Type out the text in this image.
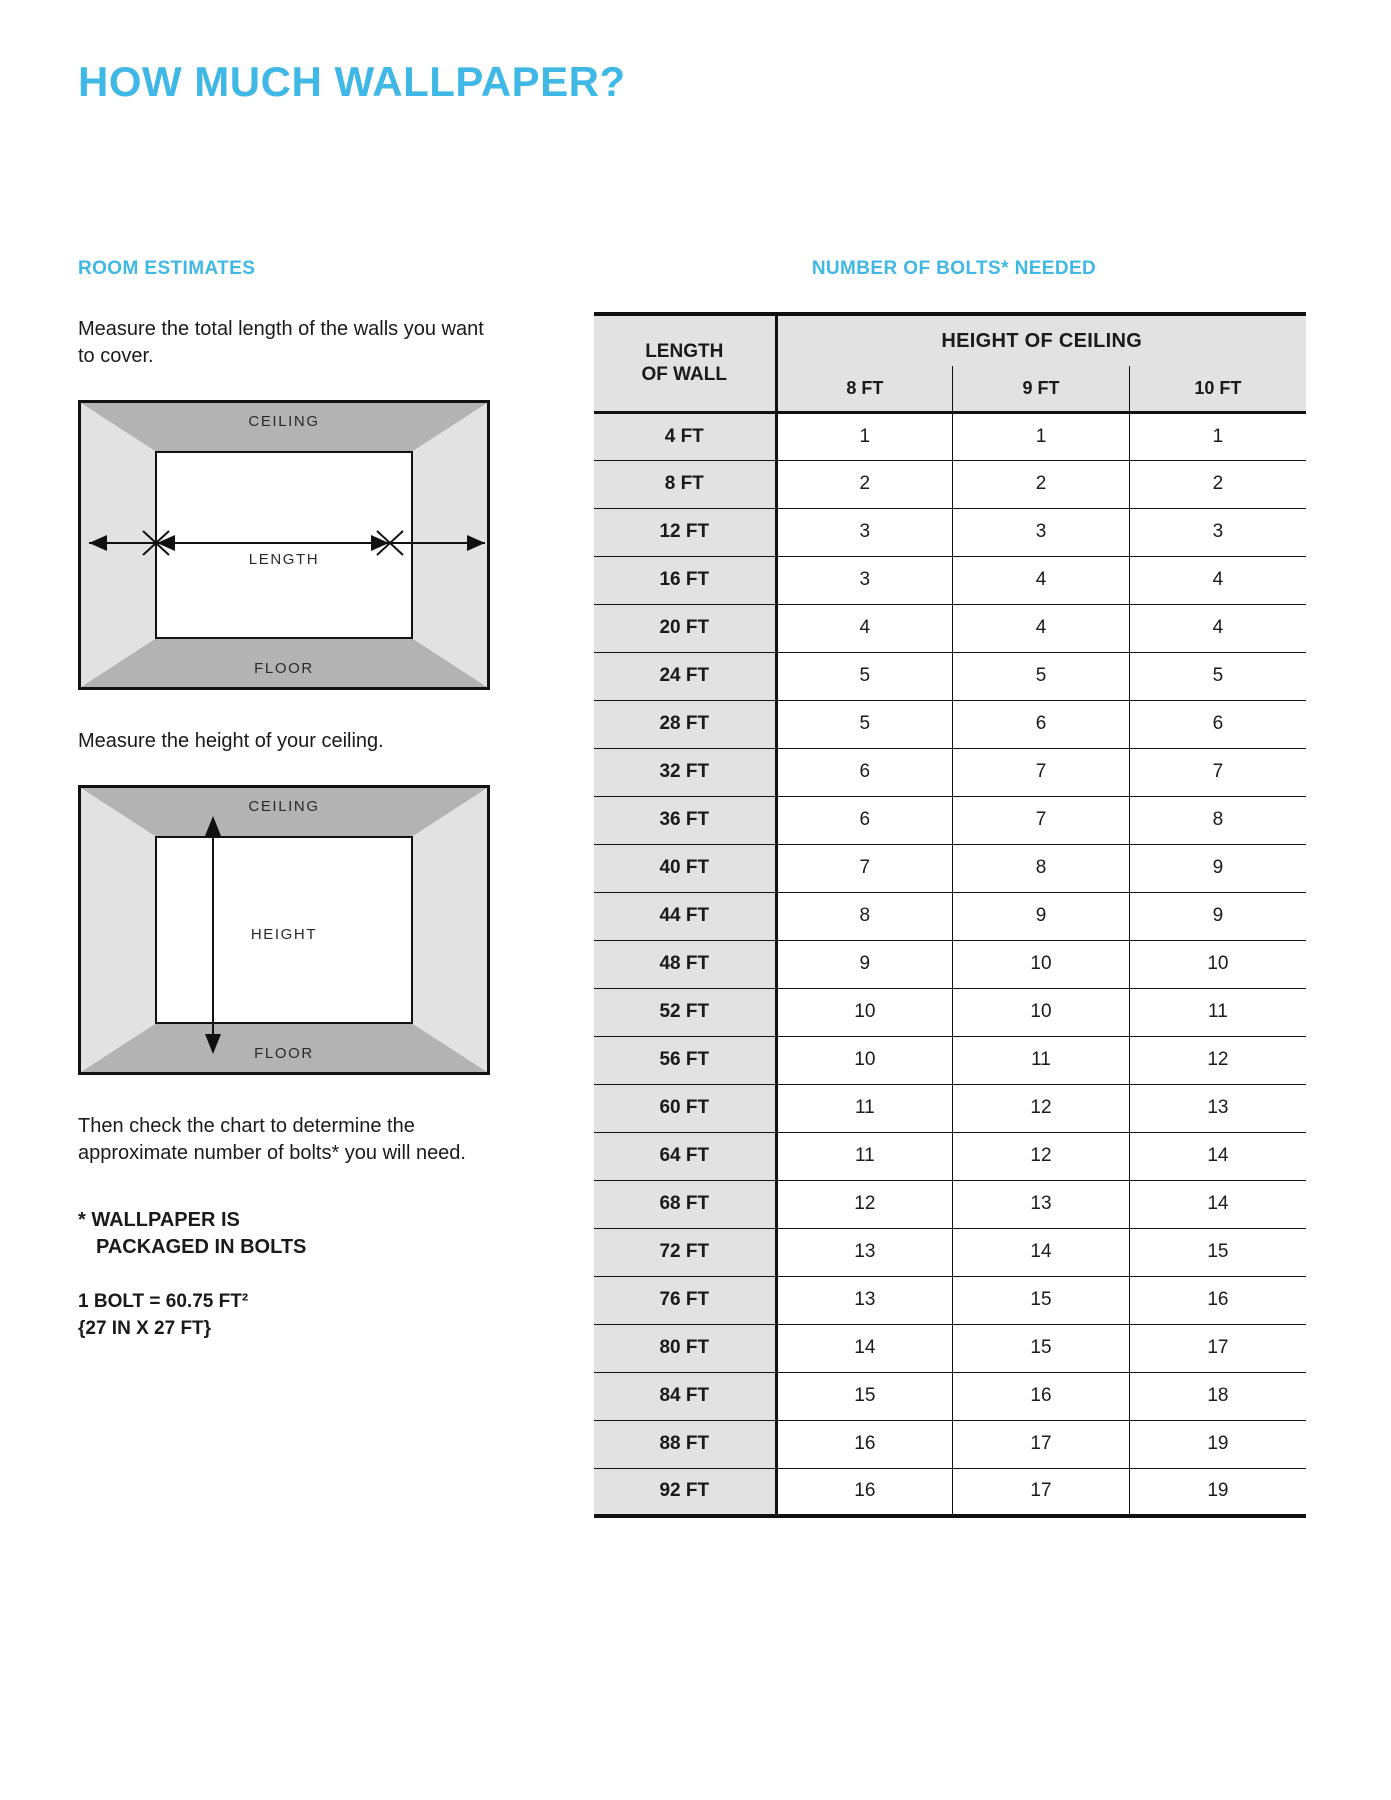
HOW MUCH WALLPAPER?
ROOM ESTIMATES

Measure the total length of the walls you want to cover.

CEILING
FLOOR
LENGTH

Measure the height of your ceiling.

CEILING
FLOOR
HEIGHT

Then check the chart to determine the approximate number of bolts* you will need.

* WALLPAPER IS
PACKAGED IN BOLTS
1 BOLT = 60.75 FT²
{27 IN X 27 FT}
NUMBER OF BOLTS* NEEDED
LENGTH
OF WALL	HEIGHT OF CEILING		
	8 FT	9 FT	10 FT
4 FT	1	1	1
8 FT	2	2	2
12 FT	3	3	3
16 FT	3	4	4
20 FT	4	4	4
24 FT	5	5	5
28 FT	5	6	6
32 FT	6	7	7
36 FT	6	7	8
40 FT	7	8	9
44 FT	8	9	9
48 FT	9	10	10
52 FT	10	10	11
56 FT	10	11	12
60 FT	11	12	13
64 FT	11	12	14
68 FT	12	13	14
72 FT	13	14	15
76 FT	13	15	16
80 FT	14	15	17
84 FT	15	16	18
88 FT	16	17	19
92 FT	16	17	19
